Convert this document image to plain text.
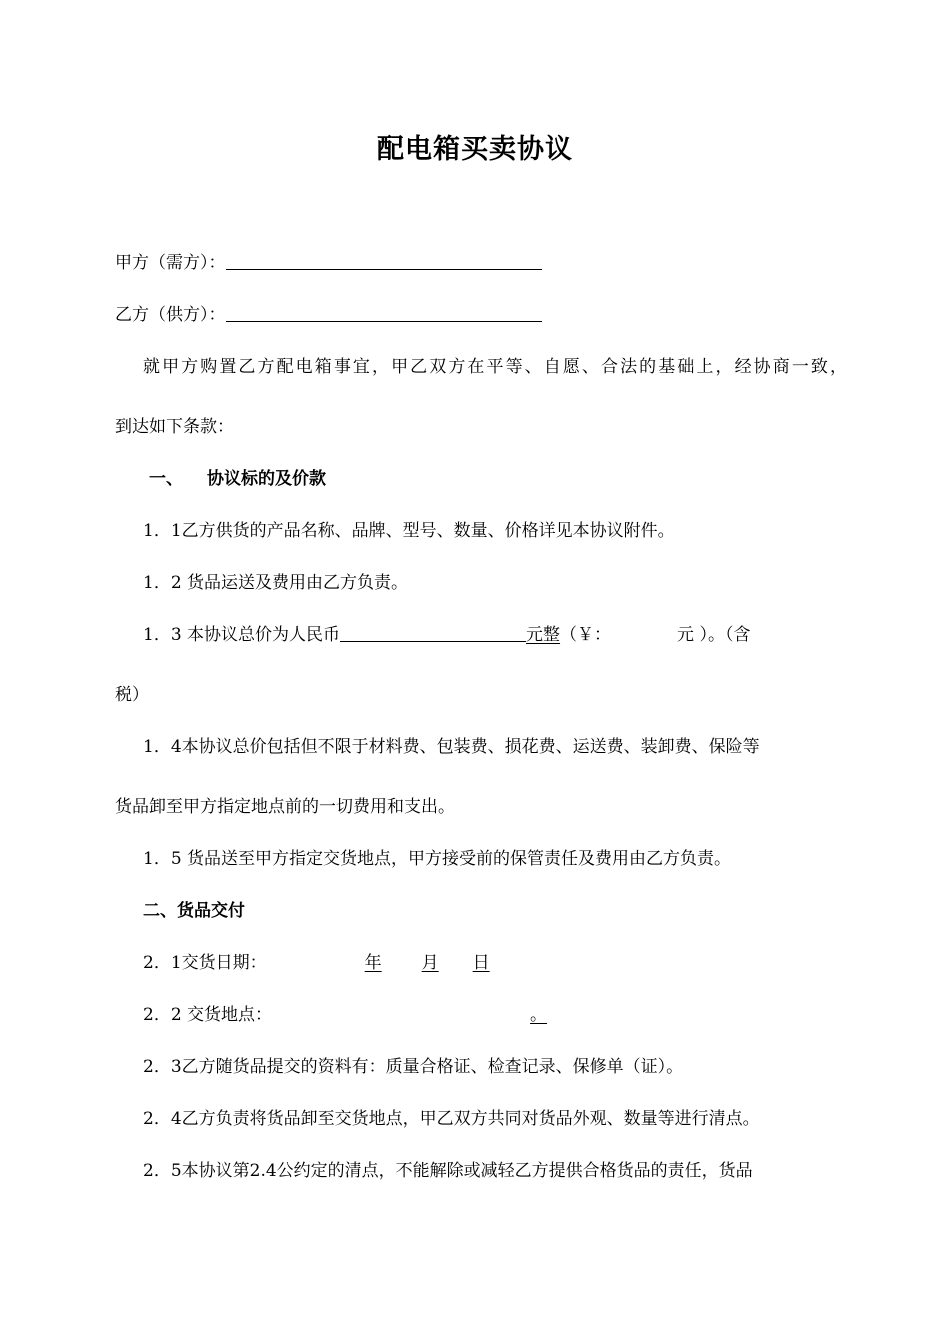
配电箱买卖协议
甲方（需方）：
乙方（供方）：
就甲方购置乙方配电箱事宜，甲乙双方在平等、自愿、合法的基础上，经协商一致，
到达如下条款：
一、 协议标的及价款
1．1乙方供货的产品名称、品牌、型号、数量、价格详见本协议附件。
1．2 货品运送及费用由乙方负责。
1．3 本协议总价为人民币	元整（￥：	元 ）。（含
税）
1．4本协议总价包括但不限于材料费、包装费、损花费、运送费、装卸费、保险等
货品卸至甲方指定地点前的一切费用和支出。
1．5 货品送至甲方指定交货地点，甲方接受前的保管责任及费用由乙方负责。
二、货品交付
2．1交货日期：	年 月 日
2．2 交货地点：	。
2．3乙方随货品提交的资料有：质量合格证、检查记录、保修单（证）。
2．4乙方负责将货品卸至交货地点，甲乙双方共同对货品外观、数量等进行清点。
2．5本协议第2.4公约定的清点，不能解除或减轻乙方提供合格货品的责任，货品
